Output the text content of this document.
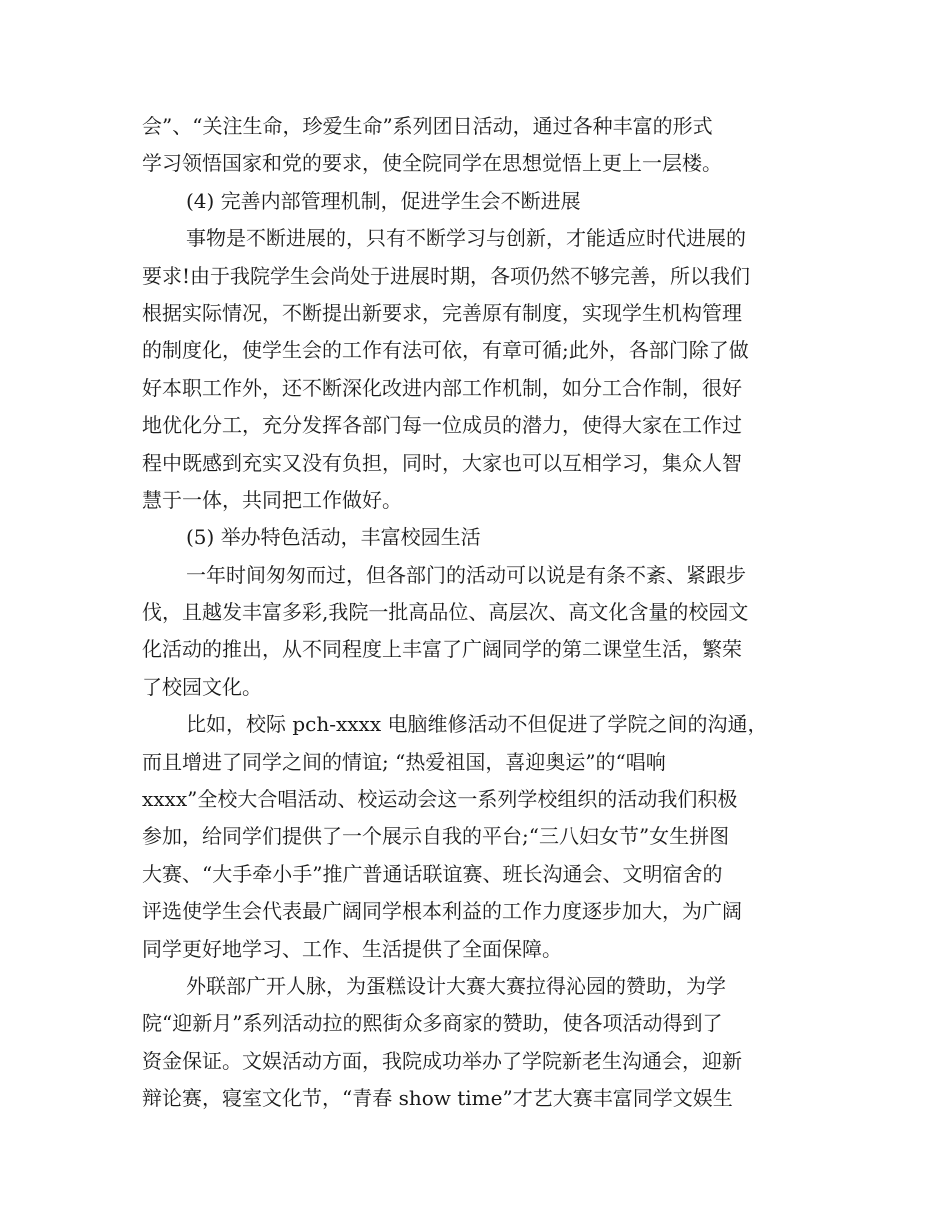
会”、“关注生命，珍爱生命”系列团日活动，通过各种丰富的形式
学习领悟国家和党的要求，使全院同学在思想觉悟上更上一层楼。
(4) 完善内部管理机制，促进学生会不断进展
事物是不断进展的，只有不断学习与创新，才能适应时代进展的
要求!由于我院学生会尚处于进展时期，各项仍然不够完善，所以我们
根据实际情况，不断提出新要求，完善原有制度，实现学生机构管理
的制度化，使学生会的工作有法可依，有章可循;此外，各部门除了做
好本职工作外，还不断深化改进内部工作机制，如分工合作制，很好
地优化分工，充分发挥各部门每一位成员的潜力，使得大家在工作过
程中既感到充实又没有负担，同时，大家也可以互相学习，集众人智
慧于一体，共同把工作做好。
(5) 举办特色活动，丰富校园生活
一年时间匆匆而过，但各部门的活动可以说是有条不紊、紧跟步
伐，且越发丰富多彩,我院一批高品位、高层次、高文化含量的校园文
化活动的推出，从不同程度上丰富了广阔同学的第二课堂生活，繁荣
了校园文化。
比如，校际 pch-xxxx 电脑维修活动不但促进了学院之间的沟通，
而且增进了同学之间的情谊; “热爱祖国，喜迎奥运”的“唱响
xxxx”全校大合唱活动、校运动会这一系列学校组织的活动我们积极
参加，给同学们提供了一个展示自我的平台;“三八妇女节”女生拼图
大赛、“大手牵小手”推广普通话联谊赛、班长沟通会、文明宿舍的
评选使学生会代表最广阔同学根本利益的工作力度逐步加大，为广阔
同学更好地学习、工作、生活提供了全面保障。
外联部广开人脉，为蛋糕设计大赛大赛拉得沁园的赞助，为学
院“迎新月”系列活动拉的熙街众多商家的赞助，使各项活动得到了
资金保证。文娱活动方面，我院成功举办了学院新老生沟通会，迎新
辩论赛，寝室文化节，“青春 show time”才艺大赛丰富同学文娱生
